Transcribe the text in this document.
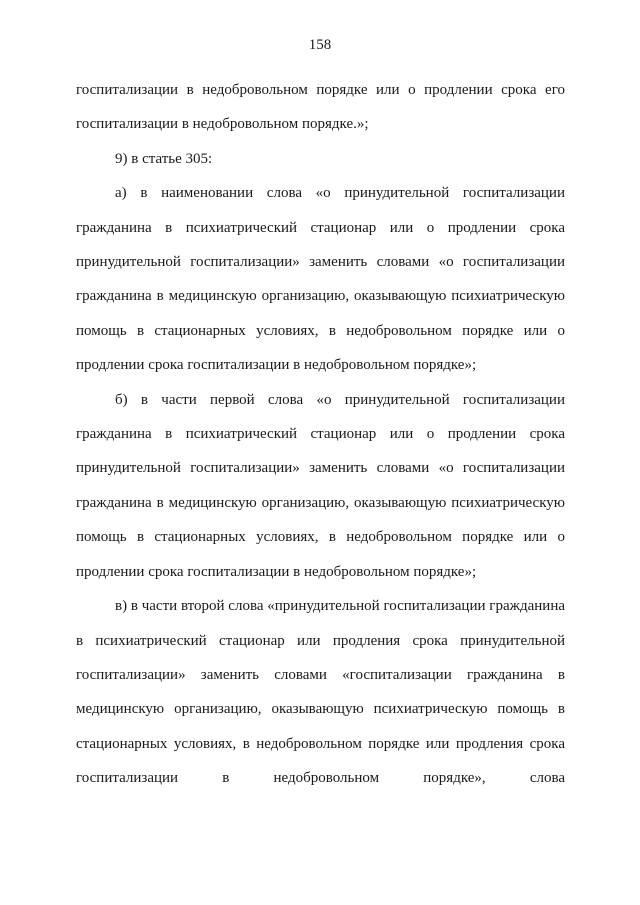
158

госпитализации в недобровольном порядке или о продлении срока его госпитализации в недобровольном порядке.»;

9) в статье 305:

а) в наименовании слова «о принудительной госпитализации гражданина в психиатрический стационар или о продлении срока принудительной госпитализации» заменить словами «о госпитализации гражданина в медицинскую организацию, оказывающую психиатрическую помощь в стационарных условиях, в недобровольном порядке или о продлении срока госпитализации в недобровольном порядке»;

б) в части первой слова «о принудительной госпитализации гражданина в психиатрический стационар или о продлении срока принудительной госпитализации» заменить словами «о госпитализации гражданина в медицинскую организацию, оказывающую психиатрическую помощь в стационарных условиях, в недобровольном порядке или о продлении срока госпитализации в недобровольном порядке»;

в) в части второй слова «принудительной госпитализации гражданина в психиатрический стационар или продления срока принудительной госпитализации» заменить словами «госпитализации гражданина в медицинскую организацию, оказывающую психиатрическую помощь в стационарных условиях, в недобровольном порядке или продления срока госпитализации в недобровольном порядке», слова
